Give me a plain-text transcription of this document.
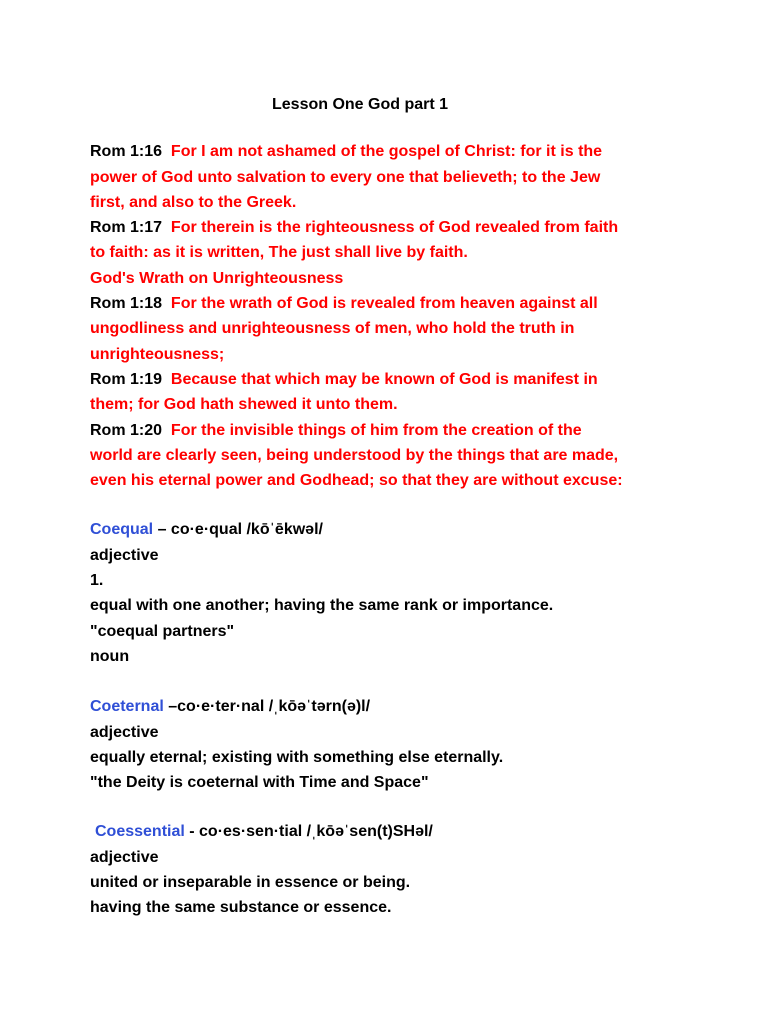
Lesson One God part 1
Rom 1:16 For I am not ashamed of the gospel of Christ: for it is the
power of God unto salvation to every one that believeth; to the Jew
first, and also to the Greek.
Rom 1:17 For therein is the righteousness of God revealed from faith
to faith: as it is written, The just shall live by faith.
God's Wrath on Unrighteousness
Rom 1:18 For the wrath of God is revealed from heaven against all
ungodliness and unrighteousness of men, who hold the truth in
unrighteousness;
Rom 1:19 Because that which may be known of God is manifest in
them; for God hath shewed it unto them.
Rom 1:20 For the invisible things of him from the creation of the
world are clearly seen, being understood by the things that are made,
even his eternal power and Godhead; so that they are without excuse:
Coequal – co·e·qual /kōˈēkwəl/
adjective
1.
equal with one another; having the same rank or importance.
"coequal partners"
noun
Coeternal –co·e·ter·nal /ˌkōəˈtərn(ə)l/
adjective
equally eternal; existing with something else eternally.
"the Deity is coeternal with Time and Space"
Coessential - co·es·sen·tial /ˌkōəˈsen(t)SHəl/
adjective
united or inseparable in essence or being.
having the same substance or essence.
